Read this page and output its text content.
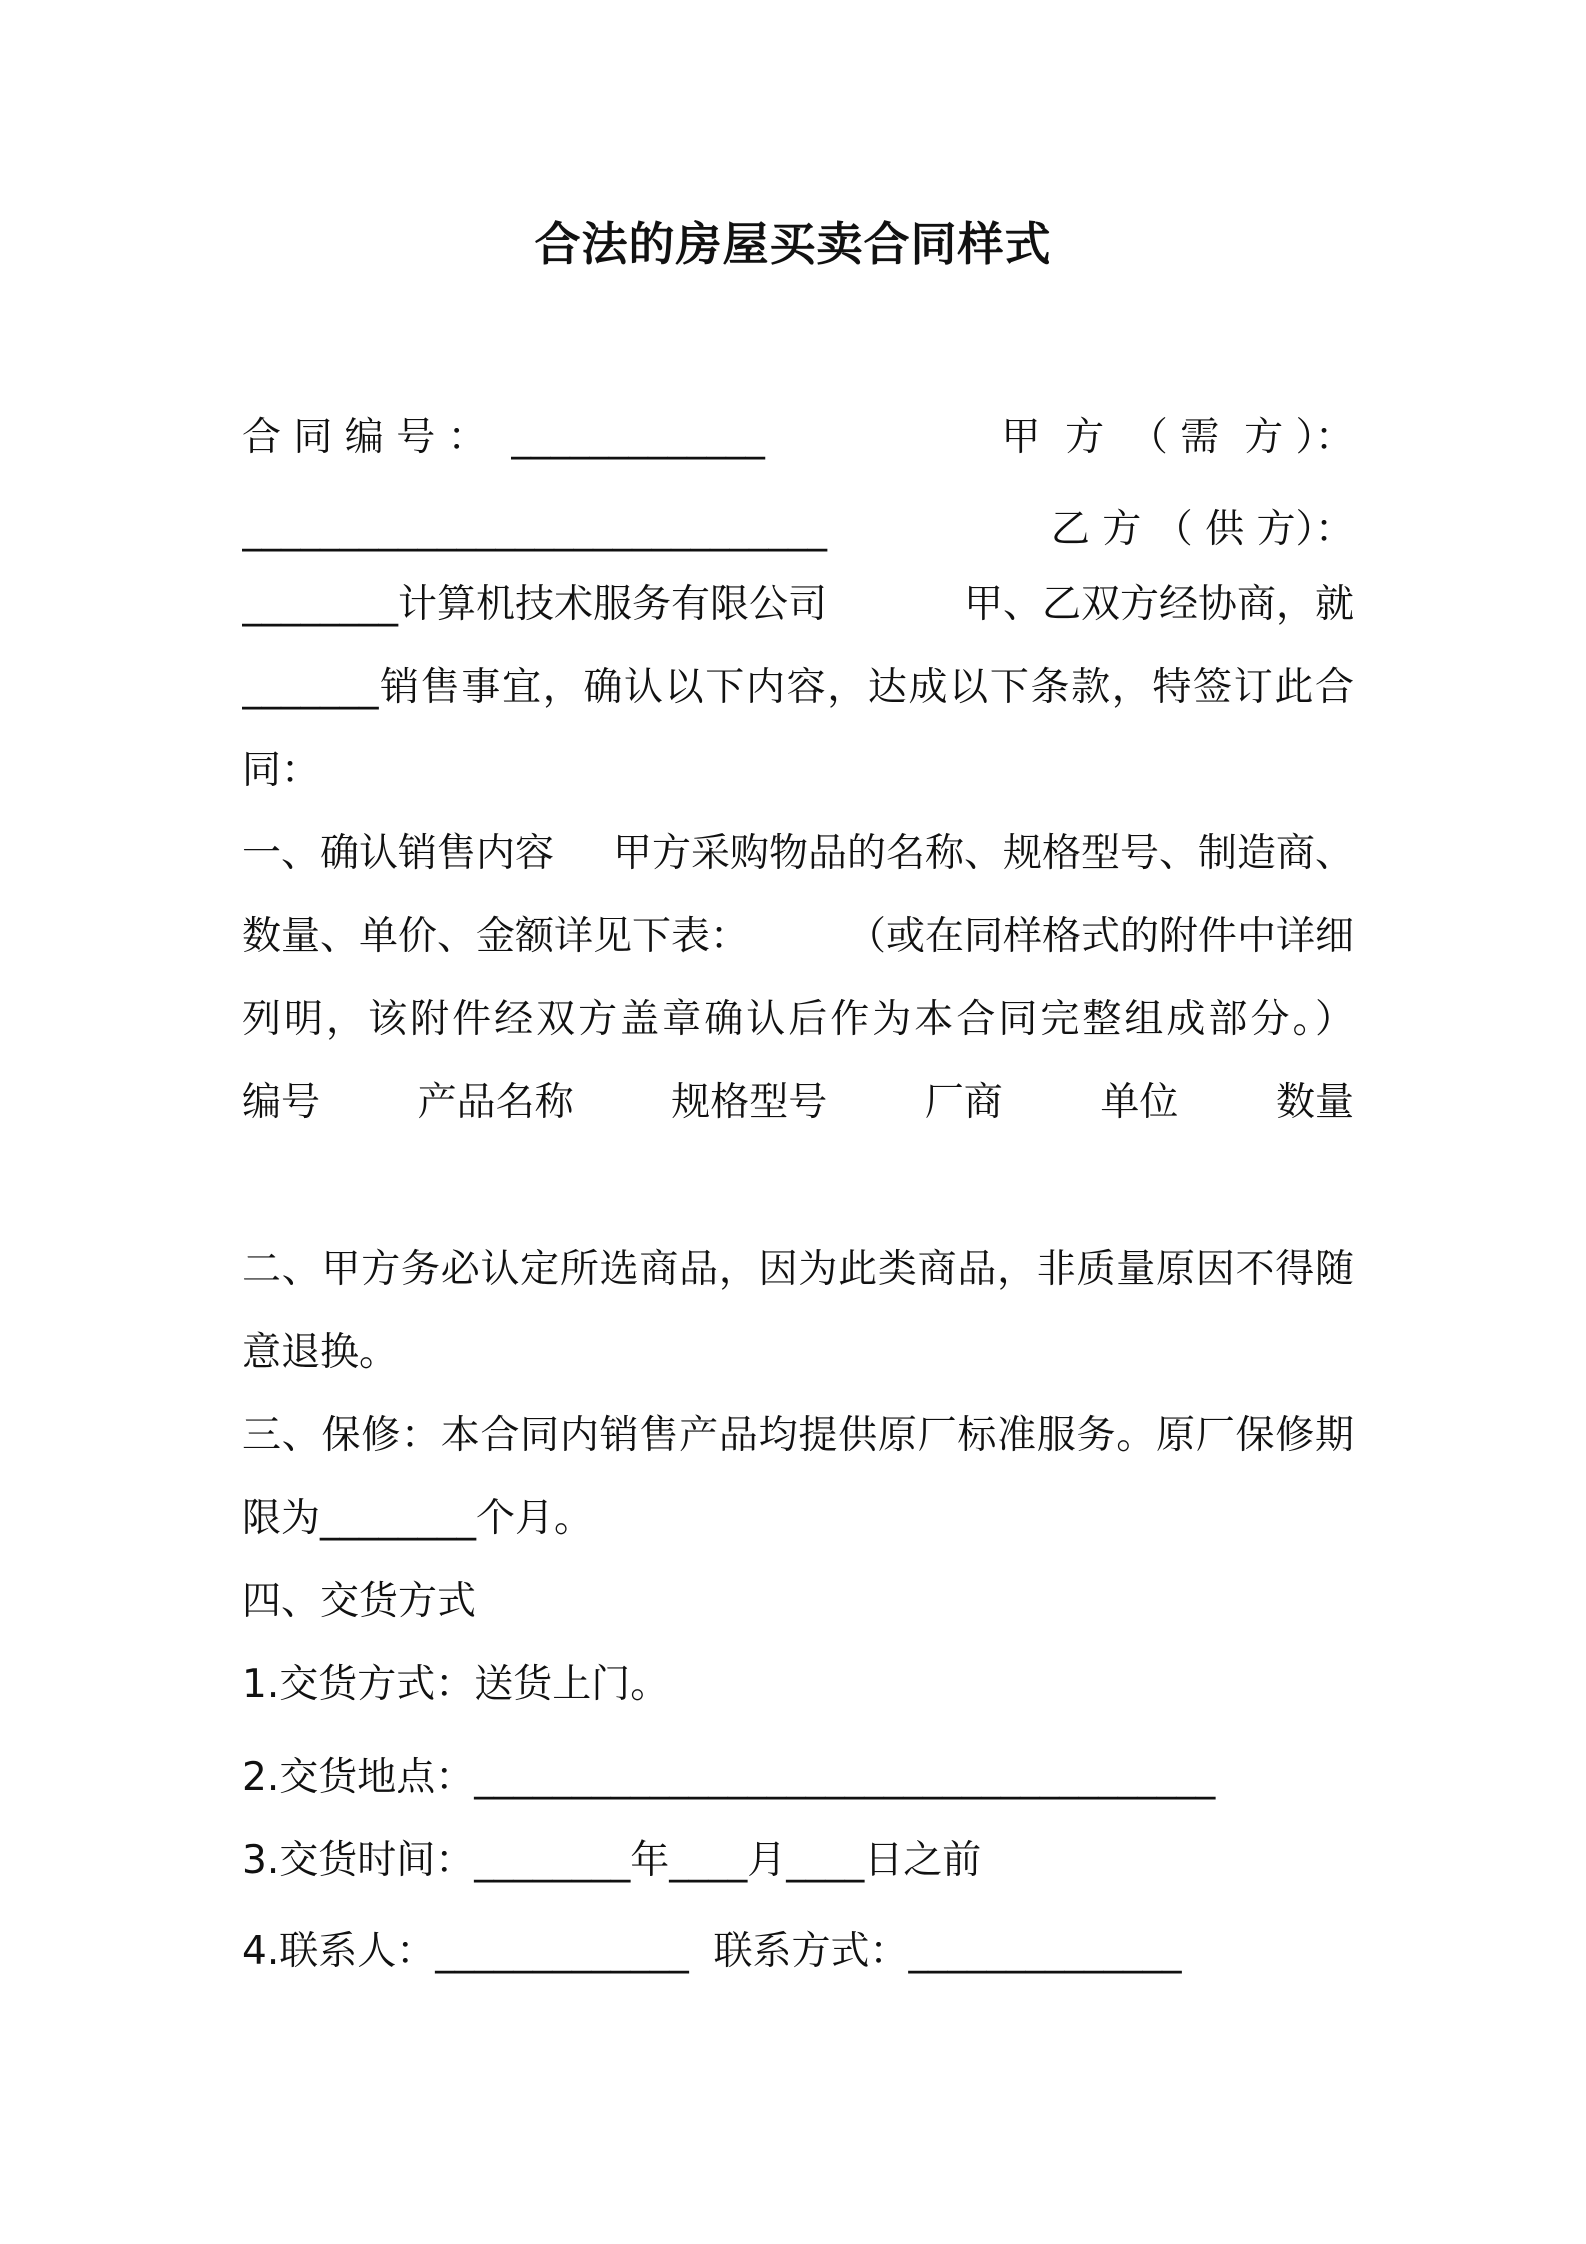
合法的房屋买卖合同样式
合 同 编 号 ：  _____________	甲  方  （ 需  方 ）：
______________________________	乙 方 （ 供 方）：
________计算机技术服务有限公司	甲、乙双方经协商，就
_______销售事宜，确认以下内容，达成以下条款，特签订此合
同：
一、确认销售内容 甲方采购物品的名称、规格型号、制造商、
数量、单价、金额详见下表：	（或在同样格式的附件中详细
列明，该附件经双方盖章确认后作为本合同完整组成部分。）
编号	产品名称	规格型号	厂商	单位	数量

二、甲方务必认定所选商品，因为此类商品，非质量原因不得随
意退换。
三、保修：本合同内销售产品均提供原厂标准服务。原厂保修期
限为________个月。
四、交货方式
1.交货方式：送货上门。
2.交货地点：______________________________________
3.交货时间：________年____月____日之前
4.联系人：_____________  联系方式：______________
